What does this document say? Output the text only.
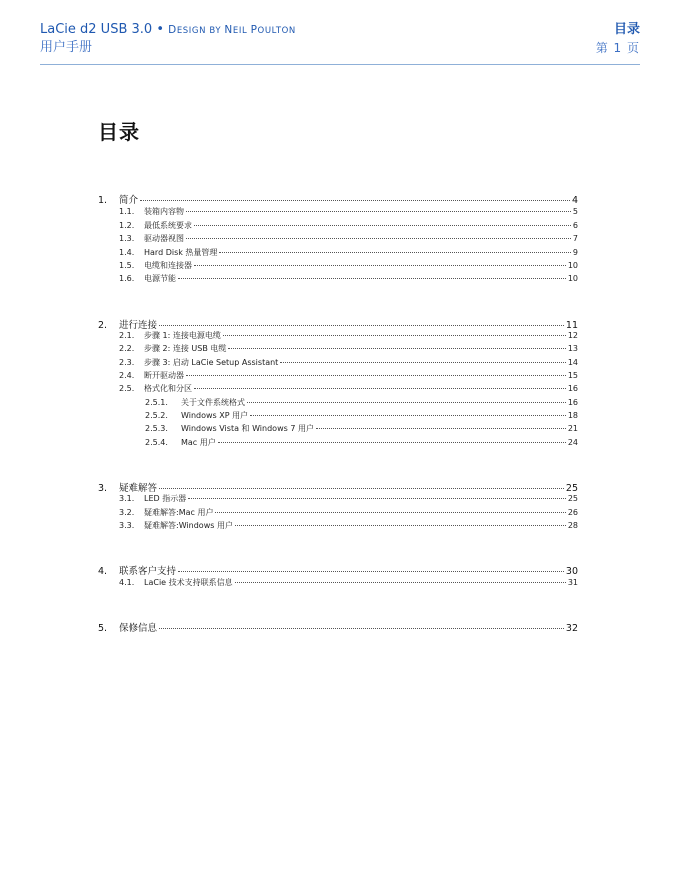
LaCie d2 USB 3.0 • DESIGN BY NEIL POULTON	目录
用户手册	第 1 页
目录
1.	简介	4
1.1.	装箱内容物	5
1.2.	最低系统要求	6
1.3.	驱动器视图	7
1.4.	Hard Disk 热量管理	9
1.5.	电缆和连接器	10
1.6.	电源节能	10
2.	进行连接	11
2.1.	步骤 1: 连接电源电缆	12
2.2.	步骤 2: 连接 USB 电缆	13
2.3.	步骤 3: 启动 LaCie Setup Assistant	14
2.4.	断开驱动器	15
2.5.	格式化和分区	16
2.5.1.	关于文件系统格式	16
2.5.2.	Windows XP 用户	18
2.5.3.	Windows Vista 和 Windows 7 用户	21
2.5.4.	Mac 用户	24
3.	疑难解答	25
3.1.	LED 指示器	25
3.2.	疑难解答:Mac 用户	26
3.3.	疑难解答:Windows 用户	28
4.	联系客户支持	30
4.1.	LaCie 技术支持联系信息	31
5.	保修信息	32
